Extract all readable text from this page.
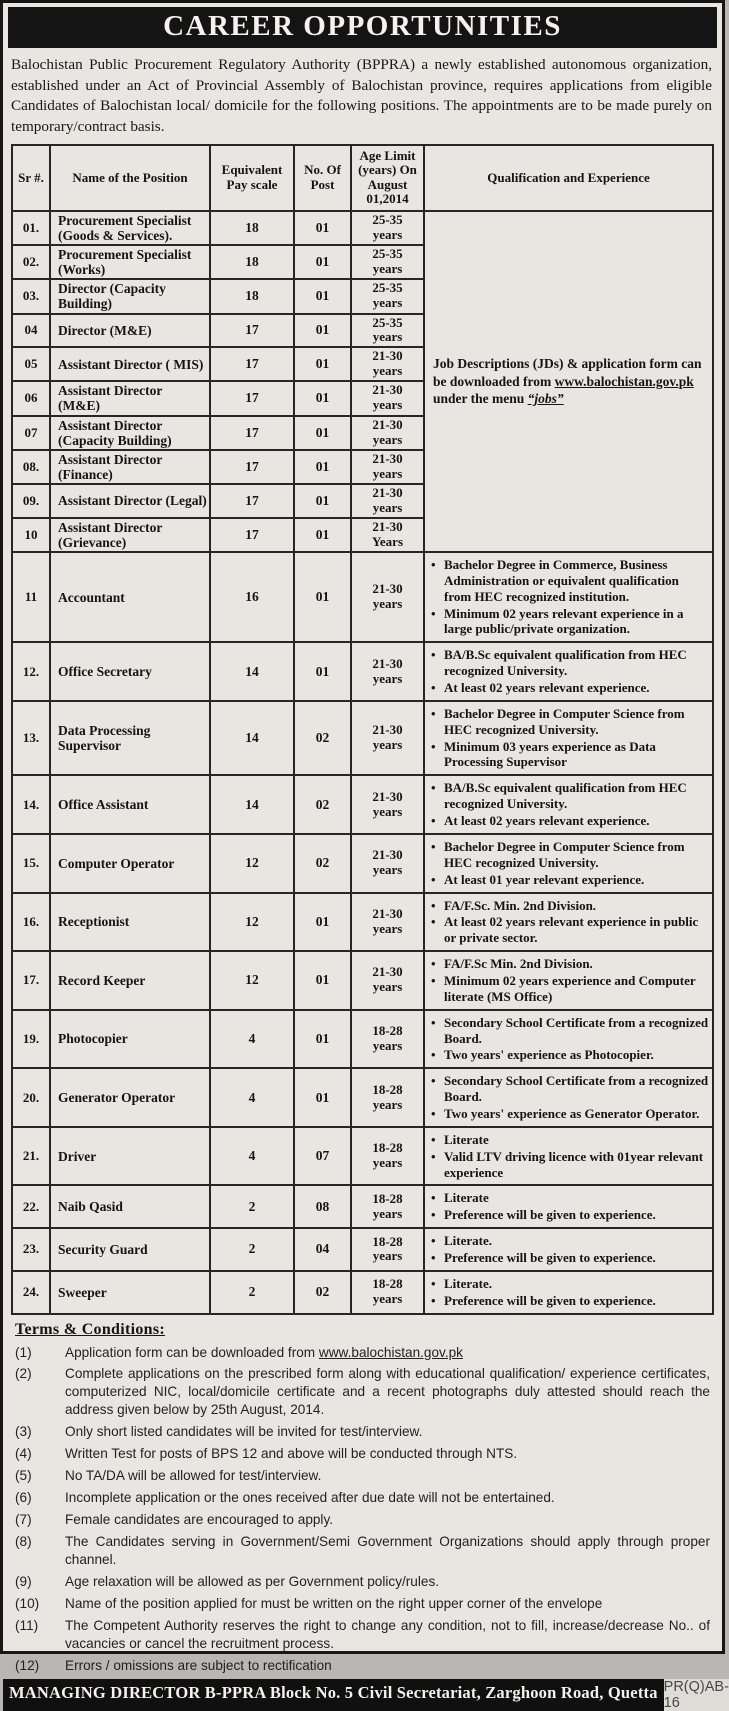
CAREER OPPORTUNITIES

Balochistan Public Procurement Regulatory Authority (BPPRA) a newly established autonomous organization, established under an Act of Provincial Assembly of Balochistan province, requires applications from eligible Candidates of Balochistan local/ domicile for the following positions. The appointments are to be made purely on temporary/contract basis.

Sr #.	Name of the Position	Equivalent Pay scale	No. Of Post	Age Limit (years) On August 01,2014	Qualification and Experience
01.	Procurement Specialist (Goods & Services).	18	01	25-35 years	Job Descriptions (JDs) & application form can be downloaded from www.balochistan.gov.pk under the menu “jobs”
02.	Procurement Specialist (Works)	18	01	25-35 years	
03.	Director (Capacity Building)	18	01	25-35 years	
04	Director (M&E)	17	01	25-35 years	
05	Assistant Director ( MIS)	17	01	21-30 years	
06	Assistant Director (M&E)	17	01	21-30 years	
07	Assistant Director (Capacity Building)	17	01	21-30 years	
08.	Assistant Director (Finance)	17	01	21-30 years	
09.	Assistant Director (Legal)	17	01	21-30 years	
10	Assistant Director (Grievance)	17	01	21-30 Years	
11	Accountant	16	01	21-30 years	• Bachelor Degree in Commerce, Business Administration or equivalent qualification from HEC recognized institution.
• Minimum 02 years relevant experience in a large public/private organization.

12.	Office Secretary	14	01	21-30 years	• BA/B.Sc equivalent qualification from HEC recognized University.
• At least 02 years relevant experience.

13.	Data Processing Supervisor	14	02	21-30 years	• Bachelor Degree in Computer Science from HEC recognized University.
• Minimum 03 years experience as Data Processing Supervisor

14.	Office Assistant	14	02	21-30 years	• BA/B.Sc equivalent qualification from HEC recognized University.
• At least 02 years relevant experience.

15.	Computer Operator	12	02	21-30 years	• Bachelor Degree in Computer Science from HEC recognized University.
• At least 01 year relevant experience.

16.	Receptionist	12	01	21-30 years	• FA/F.Sc. Min. 2nd Division.
• At least 02 years relevant experience in public or private sector.

17.	Record Keeper	12	01	21-30 years	• FA/F.Sc Min. 2nd Division.
• Minimum 02 years experience and Computer literate (MS Office)

19.	Photocopier	4	01	18-28 years	• Secondary School Certificate from a recognized Board.
• Two years' experience as Photocopier.

20.	Generator Operator	4	01	18-28 years	• Secondary School Certificate from a recognized Board.
• Two years' experience as Generator Operator.

21.	Driver	4	07	18-28 years	• Literate
• Valid LTV driving licence with 01year relevant experience

22.	Naib Qasid	2	08	18-28 years	• Literate
• Preference will be given to experience.

23.	Security Guard	2	04	18-28 years	• Literate.
• Preference will be given to experience.

24.	Sweeper	2	02	18-28 years	• Literate.
• Preference will be given to experience.
Terms & Conditions:
(1)	Application form can be downloaded from www.balochistan.gov.pk
(2)	Complete applications on the prescribed form along with educational qualification/ experience certificates, computerized NIC, local/domicile certificate and a recent photographs duly attested should reach the address given below by 25th August, 2014.
(3)	Only short listed candidates will be invited for test/interview.
(4)	Written Test for posts of BPS 12 and above will be conducted through NTS.
(5)	No TA/DA will be allowed for test/interview.
(6)	Incomplete application or the ones received after due date will not be entertained.
(7)	Female candidates are encouraged to apply.
(8)	The Candidates serving in Government/Semi Government Organizations should apply through proper channel.
(9)	Age relaxation will be allowed as per Government policy/rules.
(10)	Name of the position applied for must be written on the right upper corner of the envelope
(11)	The Competent Authority reserves the right to change any condition, not to fill, increase/decrease No.. of vacancies or cancel the recruitment process.
(12)	Errors / omissions are subject to rectification
MANAGING DIRECTOR B-PPRA Block No. 5 Civil Secretariat, Zarghoon Road, Quetta PR(Q)AB-16
